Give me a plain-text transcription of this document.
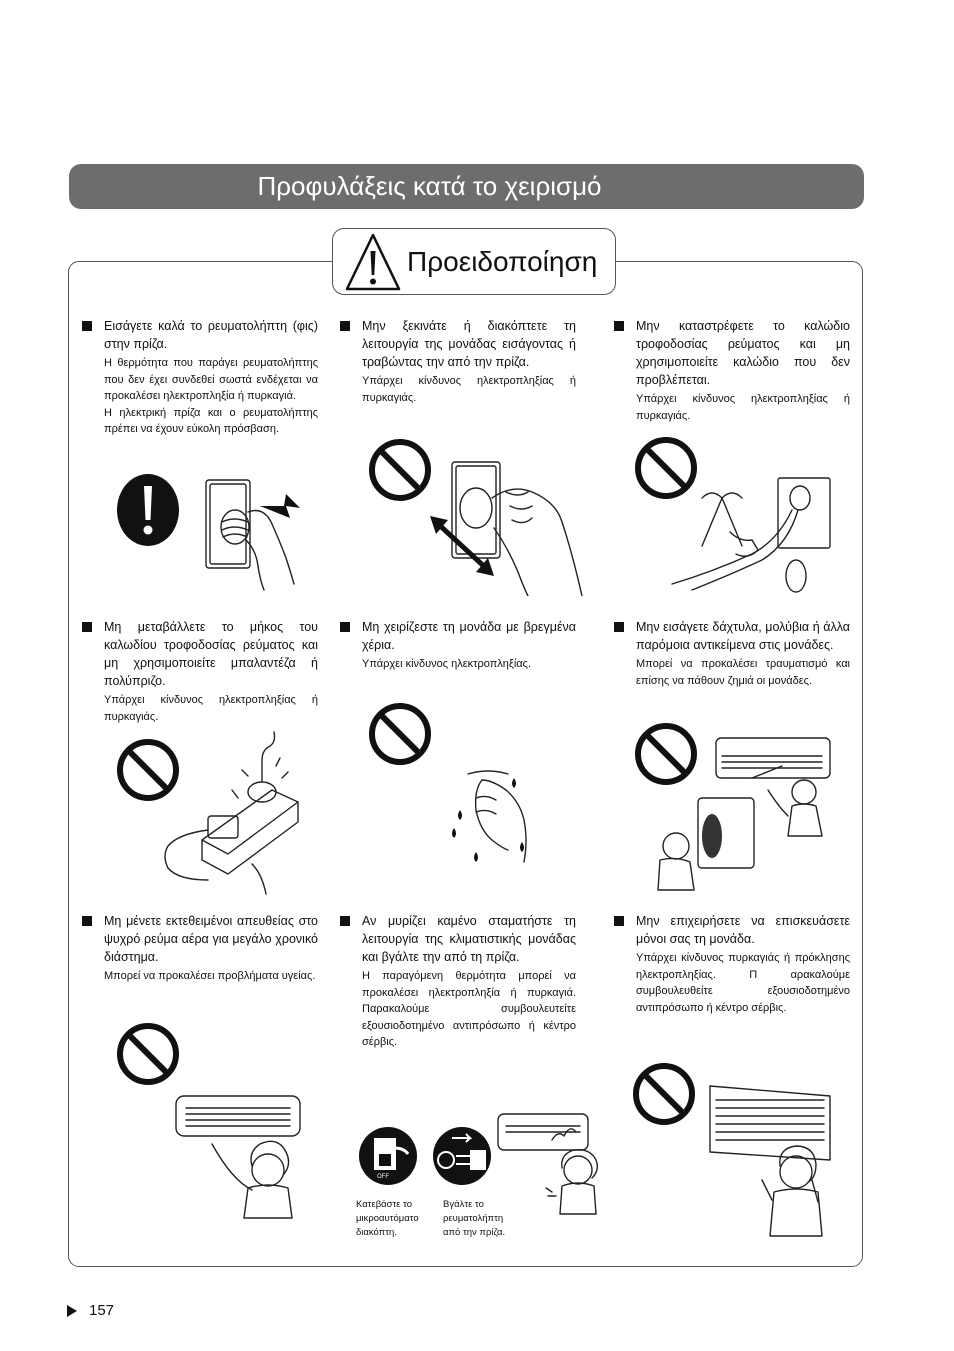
Προφυλάξεις κατά το χειρισμό
Προειδοποίηση
Εισάγετε καλά το ρευματολήπτη (φις) στην πρίζα.

Η θερμότητα που παράγει ρευματολήπτης που δεν έχει συνδεθεί σωστά ενδέχεται να προκαλέσει ηλεκτροπληξία ή πυρκαγιά.

Η ηλεκτρική πρίζα και ο ρευματολήπτης πρέπει να έχουν εύκολη πρόσβαση.

Μην ξεκινάτε ή διακόπτετε τη λειτουργία της μονάδας εισάγοντας ή τραβώντας την από την πρίζα.

Υπάρχει κίνδυνος ηλεκτροπληξίας ή πυρκαγιάς.

Μην καταστρέφετε το καλώδιο τροφοδοσίας ρεύματος και μη χρησιμοποιείτε καλώδιο που δεν προβλέπεται.

Υπάρχει κίνδυνος ηλεκτροπληξίας ή πυρκαγιάς.

Μη μεταβάλλετε το μήκος του καλωδίου τροφοδοσίας ρεύματος και μη χρησιμοποιείτε μπαλαντέζα ή πολύπριζο.

Υπάρχει κίνδυνος ηλεκτροπληξίας ή πυρκαγιάς.

Μη χειρίζεστε τη μονάδα με βρεγμένα χέρια.

Υπάρχει κίνδυνος ηλεκτροπληξίας.

Μην εισάγετε δάχτυλα, μολύβια ή άλλα παρόμοια αντικείμενα στις μονάδες.

Μπορεί να προκαλέσει τραυματισμό και επίσης να πάθουν ζημιά οι μονάδες.

Μη μένετε εκτεθειμένοι απευθείας στο ψυχρό ρεύμα αέρα για μεγάλο χρονικό διάστημα.

Μπορεί να προκαλέσει προβλήματα υγείας.

Αν μυρίζει καμένο σταματήστε τη λειτουργία της κλιματιστικής μονάδας και βγάλτε την από τη πρίζα.

Η παραγόμενη θερμότητα μπορεί να προκαλέσει ηλεκτροπληξία ή πυρκαγιά. Παρακαλούμε συμβουλευτείτε εξουσιοδοτημένο αντιπρόσωπο ή κέντρο σέρβις.

OFF
Κατεβάστε το μικροαυτόματο διακόπτη.
Βγάλτε το ρευματολήπτη από την πρίζα.
Μην επιχειρήσετε να επισκευάσετε μόνοι σας τη μονάδα.

Υπάρχει κίνδυνος πυρκαγιάς ή πρόκλησης ηλεκτροπληξίας. Π αρακαλούμε συμβουλευθείτε εξουσιοδοτημένο αντιπρόσωπο ή κέντρο σέρβις.

157
